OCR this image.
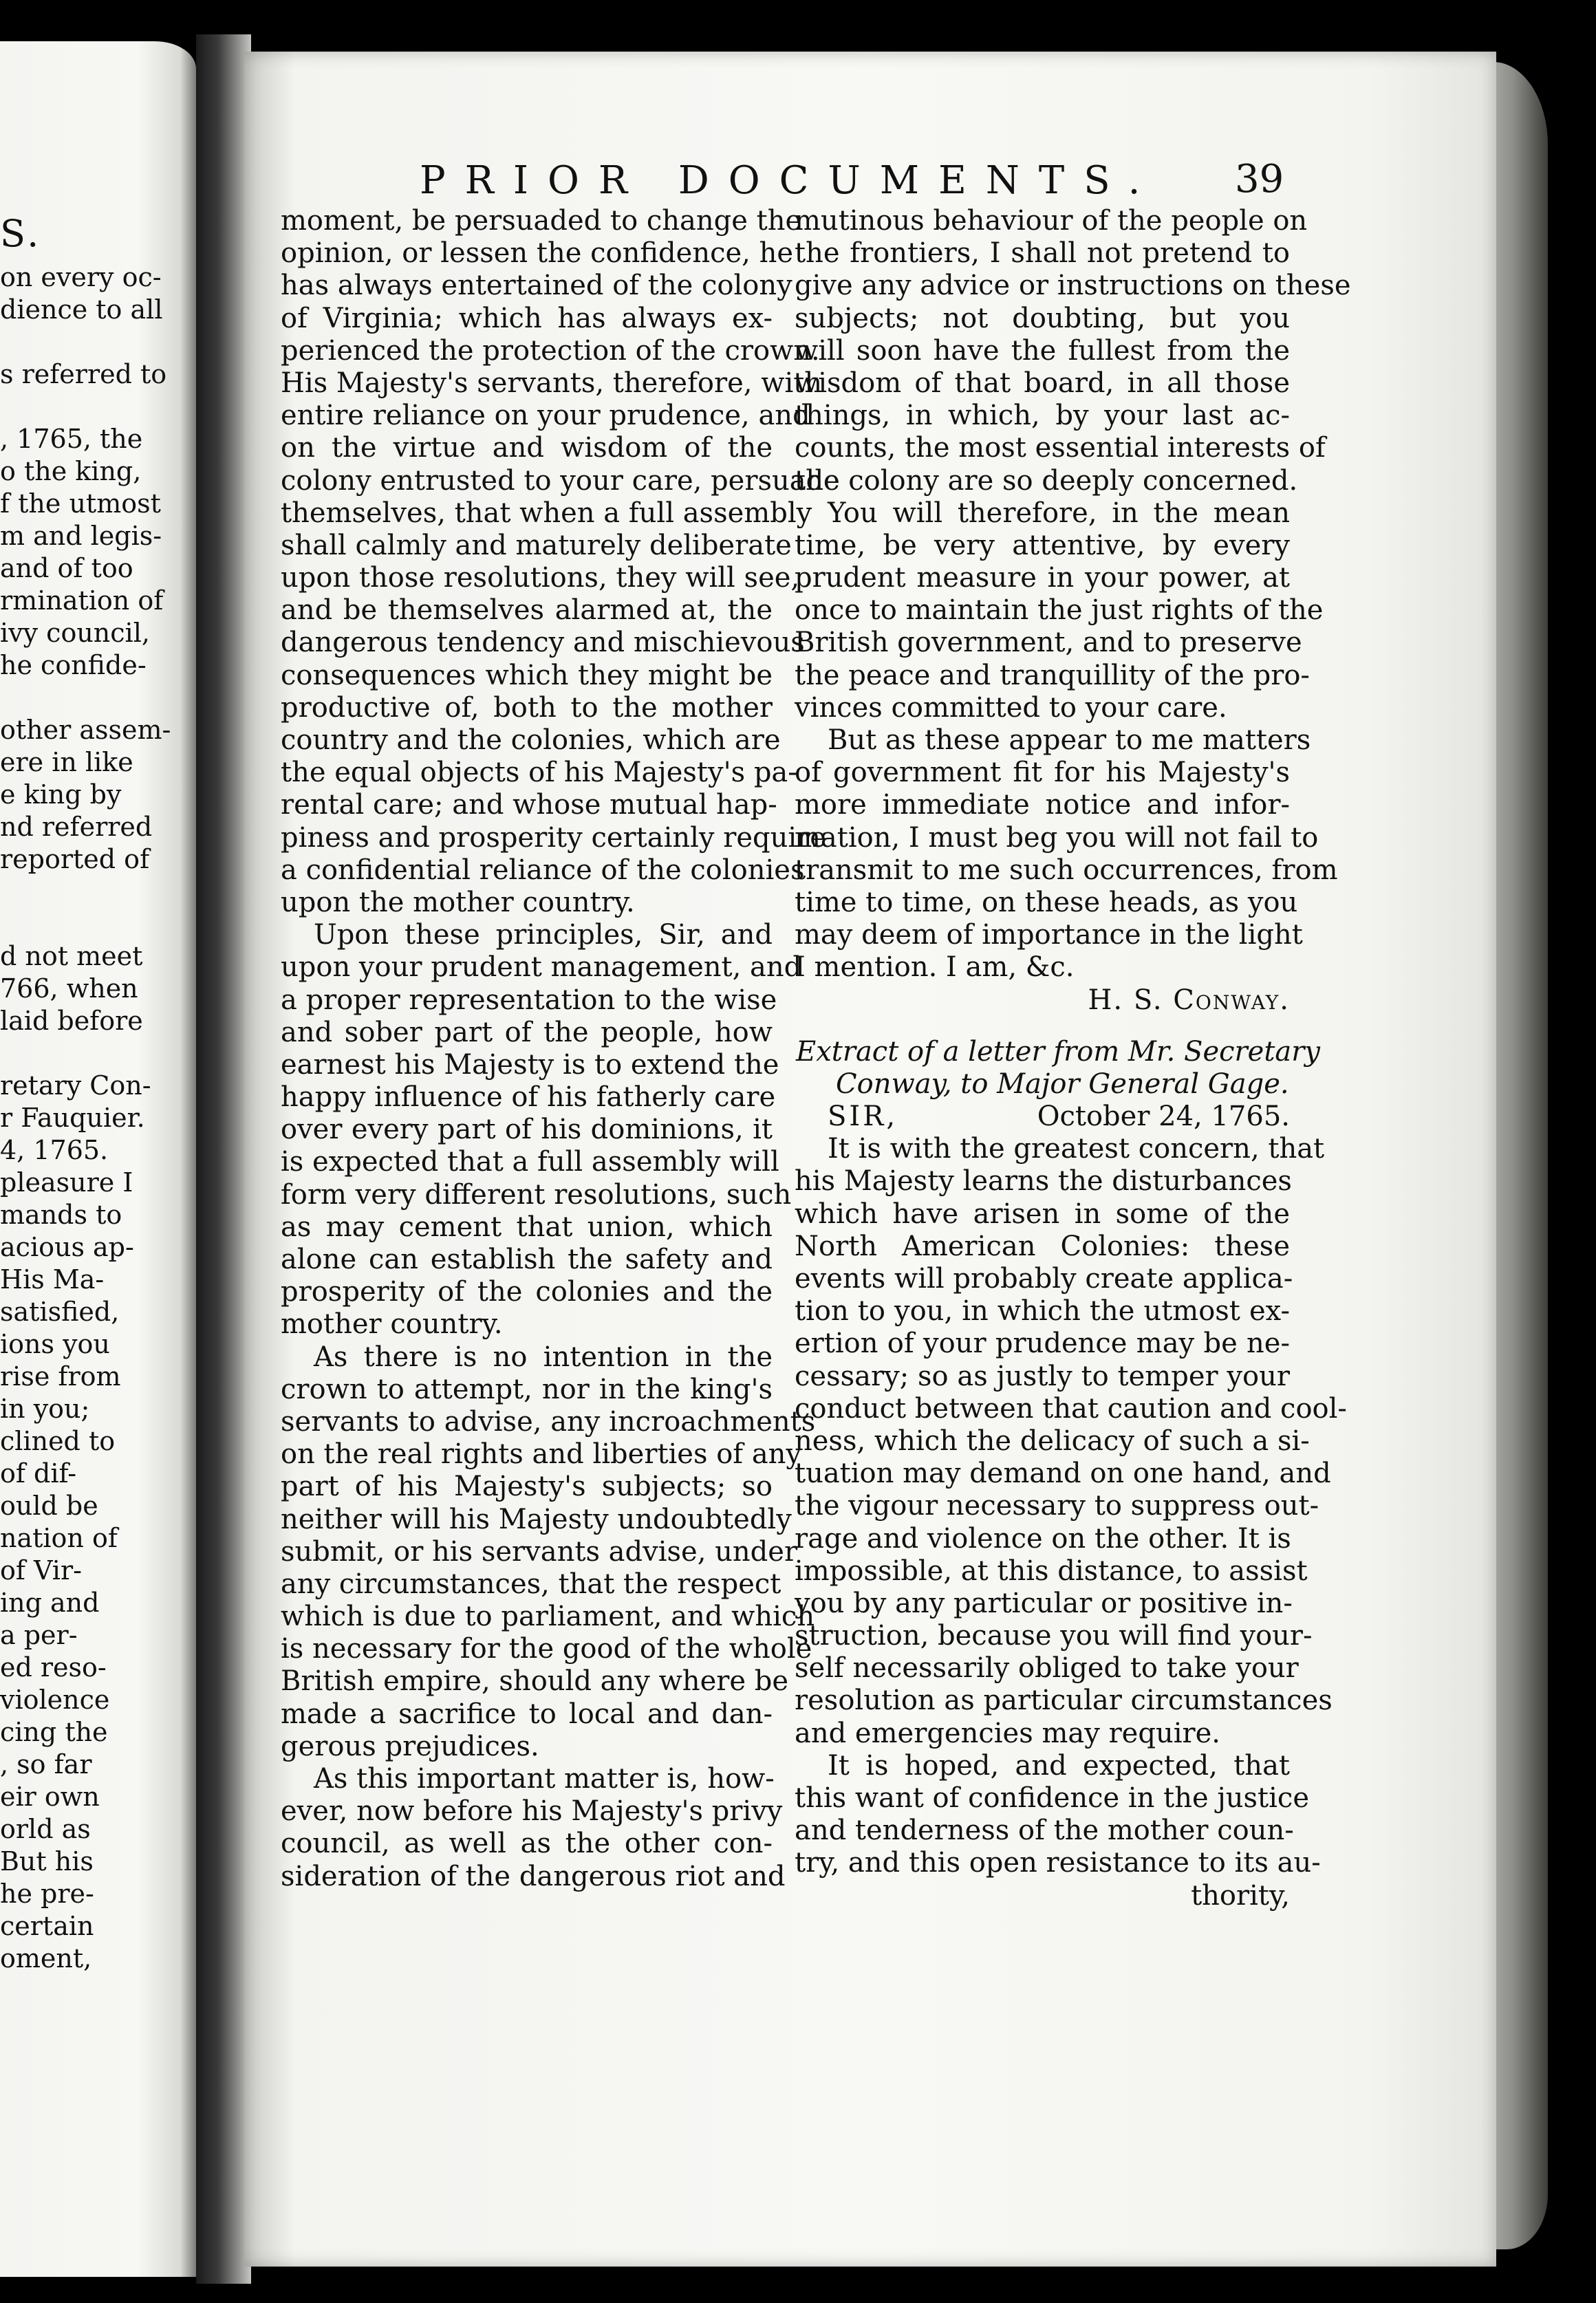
S.
on every oc-
dience to all
s referred to
, 1765, the
o the king,
f the utmost
m and legis-
and of too
rmination of
ivy council,
he confide-
other assem-
ere in like
e king by
nd referred
reported of
d not meet
766, when
laid before
retary Con-
r Fauquier.
4, 1765.
pleasure I
mands to
acious ap-
His Ma-
satisfied,
ions you
rise from
in you;
clined to
of dif-
ould be
nation of
of Vir-
ing and
a per-
ed reso-
violence
cing the
, so far
eir own
orld as
But his
he pre-
certain
oment,
PRIOR DOCUMENTS. 39
moment, be persuaded to change the
opinion, or lessen the confidence, he
has always entertained of the colony
of Virginia; which has always ex-
perienced the protection of the crown.
His Majesty's servants, therefore, with
entire reliance on your prudence, and
on the virtue and wisdom of the
colony entrusted to your care, persuade
themselves, that when a full assembly
shall calmly and maturely deliberate
upon those resolutions, they will see,
and be themselves alarmed at, the
dangerous tendency and mischievous
consequences which they might be
productive of, both to the mother
country and the colonies, which are
the equal objects of his Majesty's pa-
rental care; and whose mutual hap-
piness and prosperity certainly require
a confidential reliance of the colonies
upon the mother country.
Upon these principles, Sir, and
upon your prudent management, and
a proper representation to the wise
and sober part of the people, how
earnest his Majesty is to extend the
happy influence of his fatherly care
over every part of his dominions, it
is expected that a full assembly will
form very different resolutions, such
as may cement that union, which
alone can establish the safety and
prosperity of the colonies and the
mother country.
As there is no intention in the
crown to attempt, nor in the king's
servants to advise, any incroachments
on the real rights and liberties of any
part of his Majesty's subjects; so
neither will his Majesty undoubtedly
submit, or his servants advise, under
any circumstances, that the respect
which is due to parliament, and which
is necessary for the good of the whole
British empire, should any where be
made a sacrifice to local and dan-
gerous prejudices.
As this important matter is, how-
ever, now before his Majesty's privy
council, as well as the other con-
sideration of the dangerous riot and
mutinous behaviour of the people on
the frontiers, I shall not pretend to
give any advice or instructions on these
subjects; not doubting, but you
will soon have the fullest from the
wisdom of that board, in all those
things, in which, by your last ac-
counts, the most essential interests of
the colony are so deeply concerned.
You will therefore, in the mean
time, be very attentive, by every
prudent measure in your power, at
once to maintain the just rights of the
British government, and to preserve
the peace and tranquillity of the pro-
vinces committed to your care.
But as these appear to me matters
of government fit for his Majesty's
more immediate notice and infor-
mation, I must beg you will not fail to
transmit to me such occurrences, from
time to time, on these heads, as you
may deem of importance in the light
I mention. I am, &c.
H. S. Conway.
Extract of a letter from Mr. Secretary
Conway, to Major General Gage.
SIR,	October 24, 1765.
It is with the greatest concern, that
his Majesty learns the disturbances
which have arisen in some of the
North American Colonies: these
events will probably create applica-
tion to you, in which the utmost ex-
ertion of your prudence may be ne-
cessary; so as justly to temper your
conduct between that caution and cool-
ness, which the delicacy of such a si-
tuation may demand on one hand, and
the vigour necessary to suppress out-
rage and violence on the other. It is
impossible, at this distance, to assist
you by any particular or positive in-
struction, because you will find your-
self necessarily obliged to take your
resolution as particular circumstances
and emergencies may require.
It is hoped, and expected, that
this want of confidence in the justice
and tenderness of the mother coun-
try, and this open resistance to its au-
thority,
